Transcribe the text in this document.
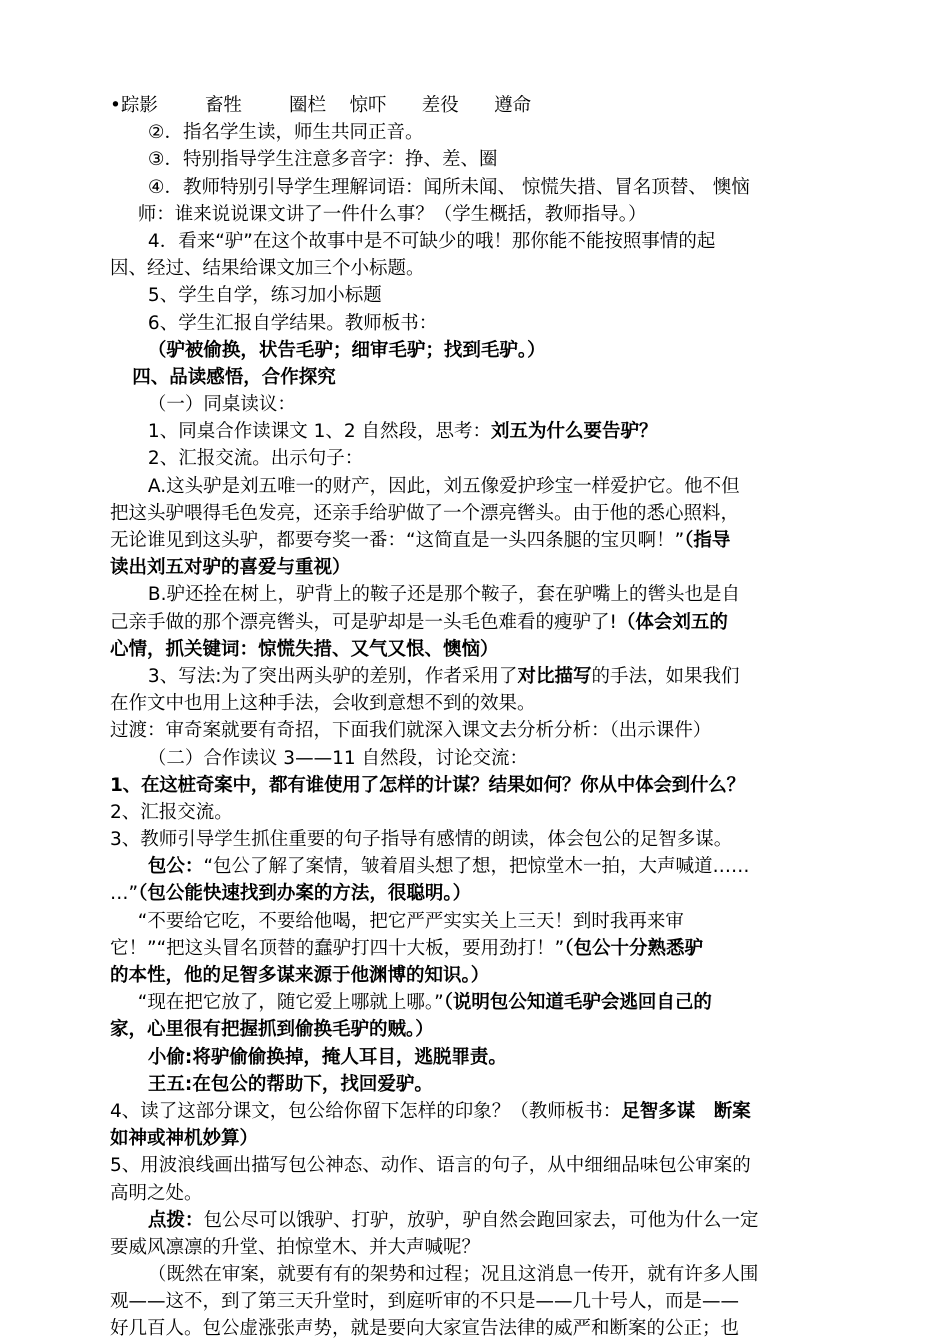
•踪影        畜牲        圈栏    惊吓      差役      遵命

②．指名学生读，师生共同正音。

③．特别指导学生注意多音字：挣、差、圈

④．教师特别引导学生理解词语：闻所未闻、 惊慌失措、冒名顶替、 懊恼

师：谁来说说课文讲了一件什么事？（学生概括，教师指导。）

4．看来“驴”在这个故事中是不可缺少的哦！那你能不能按照事情的起

因、经过、结果给课文加三个小标题。

5、学生自学，练习加小标题

6、学生汇报自学结果。教师板书：

（驴被偷换，状告毛驴；细审毛驴；找到毛驴。）

四、品读感悟，合作探究

（一）同桌读议：

1、同桌合作读课文 1、2 自然段，思考：刘五为什么要告驴？

2、汇报交流。出示句子：

A.这头驴是刘五唯一的财产，因此，刘五像爱护珍宝一样爱护它。他不但

把这头驴喂得毛色发亮，还亲手给驴做了一个漂亮辔头。由于他的悉心照料，

无论谁见到这头驴，都要夸奖一番：“这简直是一头四条腿的宝贝啊！”（指导

读出刘五对驴的喜爱与重视）

B.驴还拴在树上，驴背上的鞍子还是那个鞍子，套在驴嘴上的辔头也是自

己亲手做的那个漂亮辔头，可是驴却是一头毛色难看的瘦驴了!（体会刘五的

心情，抓关键词：惊慌失措、又气又恨、懊恼）

3、写法:为了突出两头驴的差别，作者采用了对比描写的手法，如果我们

在作文中也用上这种手法，会收到意想不到的效果。

过渡：审奇案就要有奇招，下面我们就深入课文去分析分析：（出示课件）

（二）合作读议 3——11 自然段，讨论交流：

1、在这桩奇案中，都有谁使用了怎样的计谋？结果如何？你从中体会到什么？

2、汇报交流。

3、教师引导学生抓住重要的句子指导有感情的朗读，体会包公的足智多谋。

包公：“包公了解了案情，皱着眉头想了想，把惊堂木一拍，大声喊道……

…”（包公能快速找到办案的方法，很聪明。）

“不要给它吃，不要给他喝，把它严严实实关上三天！到时我再来审

它！”“把这头冒名顶替的蠢驴打四十大板，要用劲打！”（包公十分熟悉驴

的本性，他的足智多谋来源于他渊博的知识。）

“现在把它放了，随它爱上哪就上哪。”（说明包公知道毛驴会逃回自己的

家，心里很有把握抓到偷换毛驴的贼。）

小偷:将驴偷偷换掉，掩人耳目，逃脱罪责。

王五:在包公的帮助下，找回爱驴。

4、读了这部分课文，包公给你留下怎样的印象？（教师板书：足智多谋　断案

如神或神机妙算）

5、用波浪线画出描写包公神态、动作、语言的句子，从中细细品味包公审案的

高明之处。

点拨：包公尽可以饿驴、打驴，放驴，驴自然会跑回家去，可他为什么一定

要威风凛凛的升堂、拍惊堂木、并大声喊呢？

（既然在审案，就要有有的架势和过程；况且这消息一传开，就有许多人围

观——这不，到了第三天升堂时，到庭听审的不只是——几十号人，而是——

好几百人。包公虚涨张声势，就是要向大家宣告法律的威严和断案的公正；也
